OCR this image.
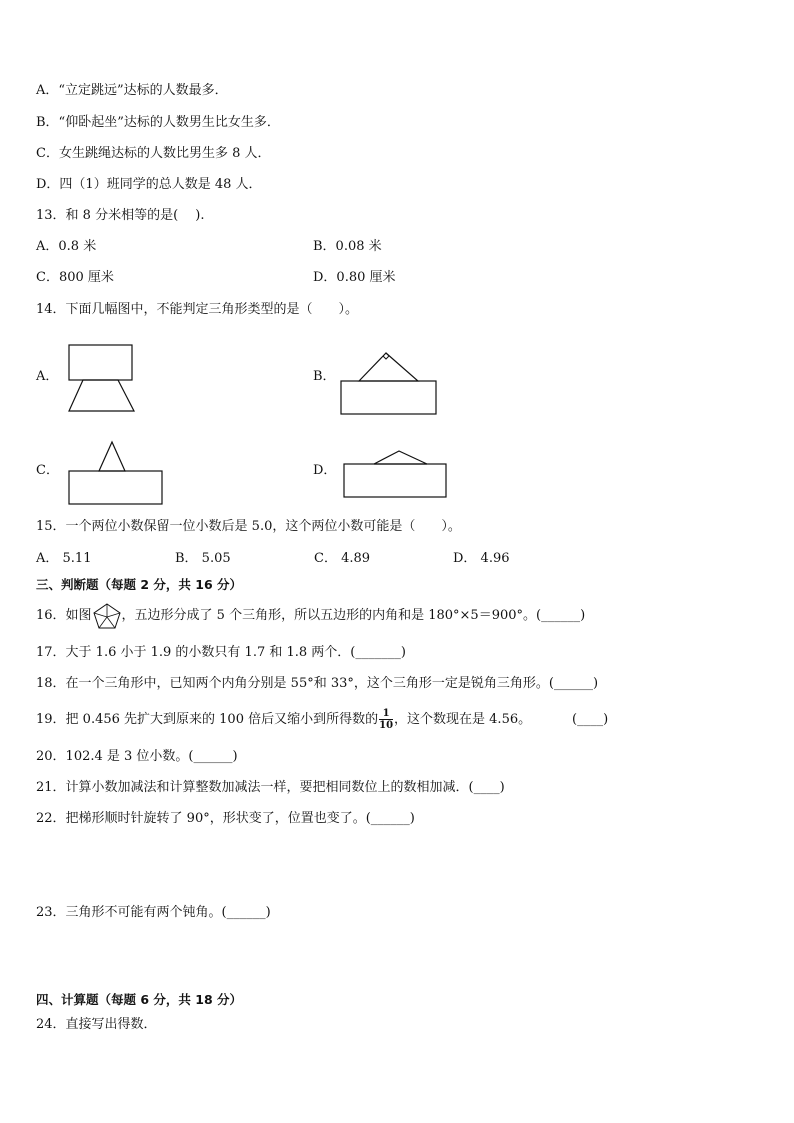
A．“立定跳远”达标的人数最多．
B．“仰卧起坐”达标的人数男生比女生多．
C．女生跳绳达标的人数比男生多 8 人．
D．四（1）班同学的总人数是 48 人．
13．和 8 分米相等的是(　 ).
A．0.8 米	B．0.08 米
C．800 厘米	D．0.80 厘米
14．下面几幅图中，不能判定三角形类型的是（　　）。
A．	B．
C．	D．
15．一个两位小数保留一位小数后是 5.0，这个两位小数可能是（　　）。
A． 5.11	B． 5.05	C． 4.89	D． 4.96
三、判断题（每题 2 分，共 16 分）
16．如图 ，五边形分成了 5 个三角形，所以五边形的内角和是 180°×5＝900°。(______)
17．大于 1.6 小于 1.9 的小数只有 1.7 和 1.8 两个．(_______)
18．在一个三角形中，已知两个内角分别是 55°和 33°，这个三角形一定是锐角三角形。(______)
19．把 0.456 先扩大到原来的 100 倍后又缩小到所得数的 $\frac{1}{10}$ ，这个数现在是 4.56。	(____)
20．102.4 是 3 位小数。(______)
21．计算小数加减法和计算整数加减法一样，要把相同数位上的数相加减．(____)
22．把梯形顺时针旋转了 90°，形状变了，位置也变了。(______)
23．三角形不可能有两个钝角。(______)
四、计算题（每题 6 分，共 18 分）
24．直接写出得数．
